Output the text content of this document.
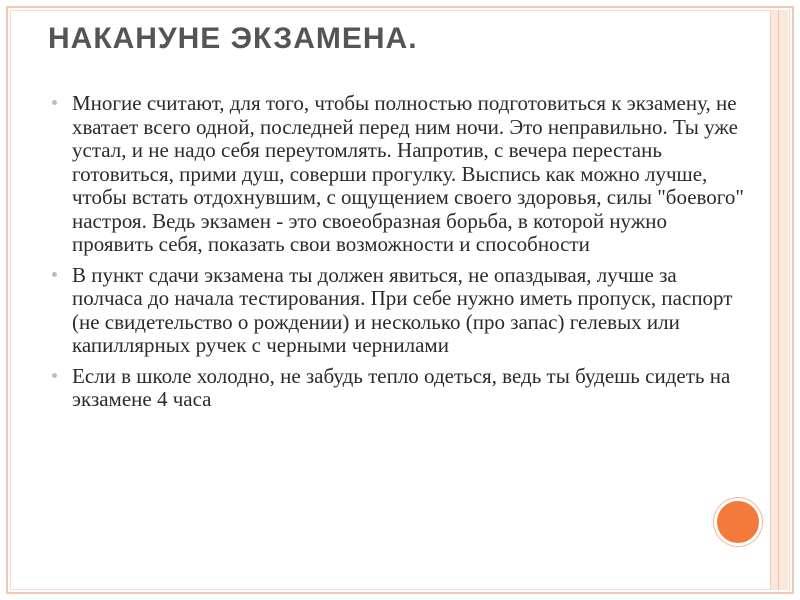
НАКАНУНЕ ЭКЗАМЕНА.
Многие считают, для того, чтобы полностью подготовиться к экзамену, не хватает всего одной, последней перед ним ночи. Это неправильно. Ты уже устал, и не надо себя переутомлять. Напротив, с вечера перестань готовиться, прими душ, соверши прогулку. Выспись как можно лучше, чтобы встать отдохнувшим, с ощущением своего здоровья, силы "боевого" настроя. Ведь экзамен - это своеобразная борьба, в которой нужно проявить себя, показать свои возможности и способности
В пункт сдачи экзамена ты должен явиться, не опаздывая, лучше за полчаса до начала тестирования. При себе нужно иметь пропуск, паспорт (не свидетельство о рождении) и несколько (про запас) гелевых или капиллярных ручек с черными чернилами
Если в школе холодно, не забудь тепло одеться, ведь ты будешь сидеть на экзамене 4 часа
